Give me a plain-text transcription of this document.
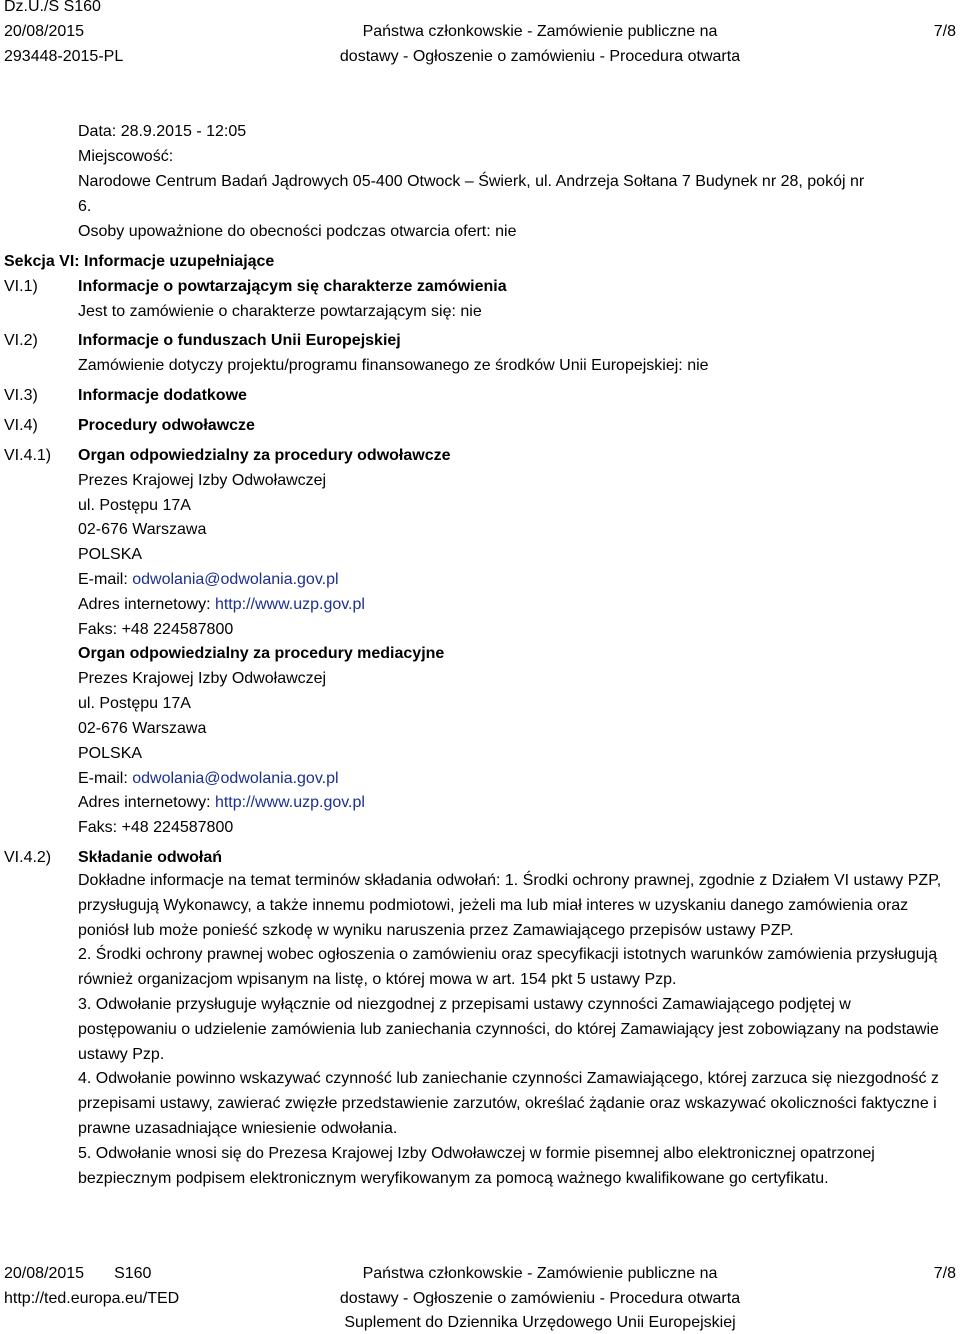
Dz.U./S S160
20/08/2015
293448-2015-PL
Państwa członkowskie - Zamówienie publiczne na
dostawy - Ogłoszenie o zamówieniu - Procedura otwarta
7/8
Data: 28.9.2015 - 12:05
Miejscowość:
Narodowe Centrum Badań Jądrowych 05-400 Otwock – Świerk, ul. Andrzeja Sołtana 7 Budynek nr 28, pokój nr
6.
Osoby upoważnione do obecności podczas otwarcia ofert: nie
Sekcja VI: Informacje uzupełniające
VI.1)	Informacje o powtarzającym się charakterze zamówienia
Jest to zamówienie o charakterze powtarzającym się: nie
VI.2)	Informacje o funduszach Unii Europejskiej
Zamówienie dotyczy projektu/programu finansowanego ze środków Unii Europejskiej: nie
VI.3)	Informacje dodatkowe
VI.4)	Procedury odwoławcze
VI.4.1) Organ odpowiedzialny za procedury odwoławcze
Prezes Krajowej Izby Odwoławczej
ul. Postępu 17A
02-676 Warszawa
POLSKA
E-mail: odwolania@odwolania.gov.pl
Adres internetowy: http://www.uzp.gov.pl
Faks: +48 224587800
Organ odpowiedzialny za procedury mediacyjne
Prezes Krajowej Izby Odwoławczej
ul. Postępu 17A
02-676 Warszawa
POLSKA
E-mail: odwolania@odwolania.gov.pl
Adres internetowy: http://www.uzp.gov.pl
Faks: +48 224587800
VI.4.2) Składanie odwołań

Dokładne informacje na temat terminów składania odwołań: 1. Środki ochrony prawnej, zgodnie z Działem VI ustawy PZP, przysługują Wykonawcy, a także innemu podmiotowi, jeżeli ma lub miał interes w uzyskaniu danego zamówienia oraz poniósł lub może ponieść szkodę w wyniku naruszenia przez Zamawiającego przepisów ustawy PZP.

2. Środki ochrony prawnej wobec ogłoszenia o zamówieniu oraz specyfikacji istotnych warunków zamówienia przysługują również organizacjom wpisanym na listę, o której mowa w art. 154 pkt 5 ustawy Pzp.

3. Odwołanie przysługuje wyłącznie od niezgodnej z przepisami ustawy czynności Zamawiającego podjętej w postępowaniu o udzielenie zamówienia lub zaniechania czynności, do której Zamawiający jest zobowiązany na podstawie ustawy Pzp.

4. Odwołanie powinno wskazywać czynność lub zaniechanie czynności Zamawiającego, której zarzuca się niezgodność z przepisami ustawy, zawierać zwięzłe przedstawienie zarzutów, określać żądanie oraz wskazywać okoliczności faktyczne i prawne uzasadniające wniesienie odwołania.

5. Odwołanie wnosi się do Prezesa Krajowej Izby Odwoławczej w formie pisemnej albo elektronicznej opatrzonej bezpiecznym podpisem elektronicznym weryfikowanym za pomocą ważnego kwalifikowane go certyfikatu.

20/08/2015 S160
http://ted.europa.eu/TED
Państwa członkowskie - Zamówienie publiczne na
dostawy - Ogłoszenie o zamówieniu - Procedura otwarta
Suplement do Dziennika Urzędowego Unii Europejskiej
7/8
